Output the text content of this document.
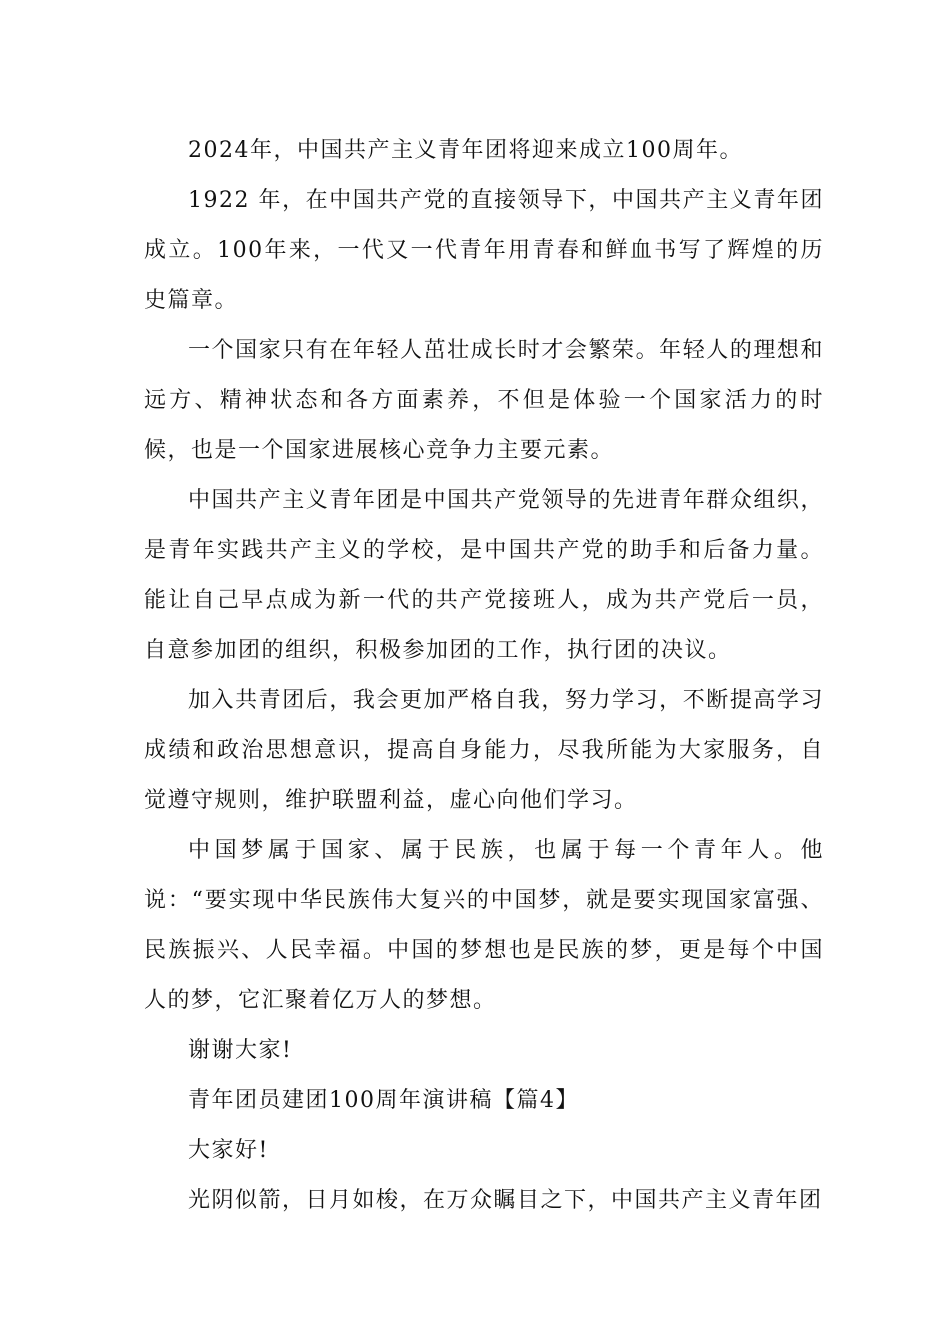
2024年，中国共产主义青年团将迎来成立100周年。

1922 年，在中国共产党的直接领导下，中国共产主义青年团成立。100年来，一代又一代青年用青春和鲜血书写了辉煌的历史篇章。

一个国家只有在年轻人茁壮成长时才会繁荣。年轻人的理想和远方、精神状态和各方面素养，不但是体验一个国家活力的时候，也是一个国家进展核心竞争力主要元素。

中国共产主义青年团是中国共产党领导的先进青年群众组织，是青年实践共产主义的学校，是中国共产党的助手和后备力量。能让自己早点成为新一代的共产党接班人，成为共产党后一员，自意参加团的组织，积极参加团的工作，执行团的决议。

加入共青团后，我会更加严格自我，努力学习，不断提高学习成绩和政治思想意识，提高自身能力，尽我所能为大家服务，自觉遵守规则，维护联盟利益，虚心向他们学习。

中国梦属于国家、属于民族，也属于每一个青年人。他说：“要实现中华民族伟大复兴的中国梦，就是要实现国家富强、民族振兴、人民幸福。中国的梦想也是民族的梦，更是每个中国人的梦，它汇聚着亿万人的梦想。

谢谢大家!

青年团员建团100周年演讲稿【篇4】

大家好!

光阴似箭，日月如梭，在万众瞩目之下，中国共产主义青年团
